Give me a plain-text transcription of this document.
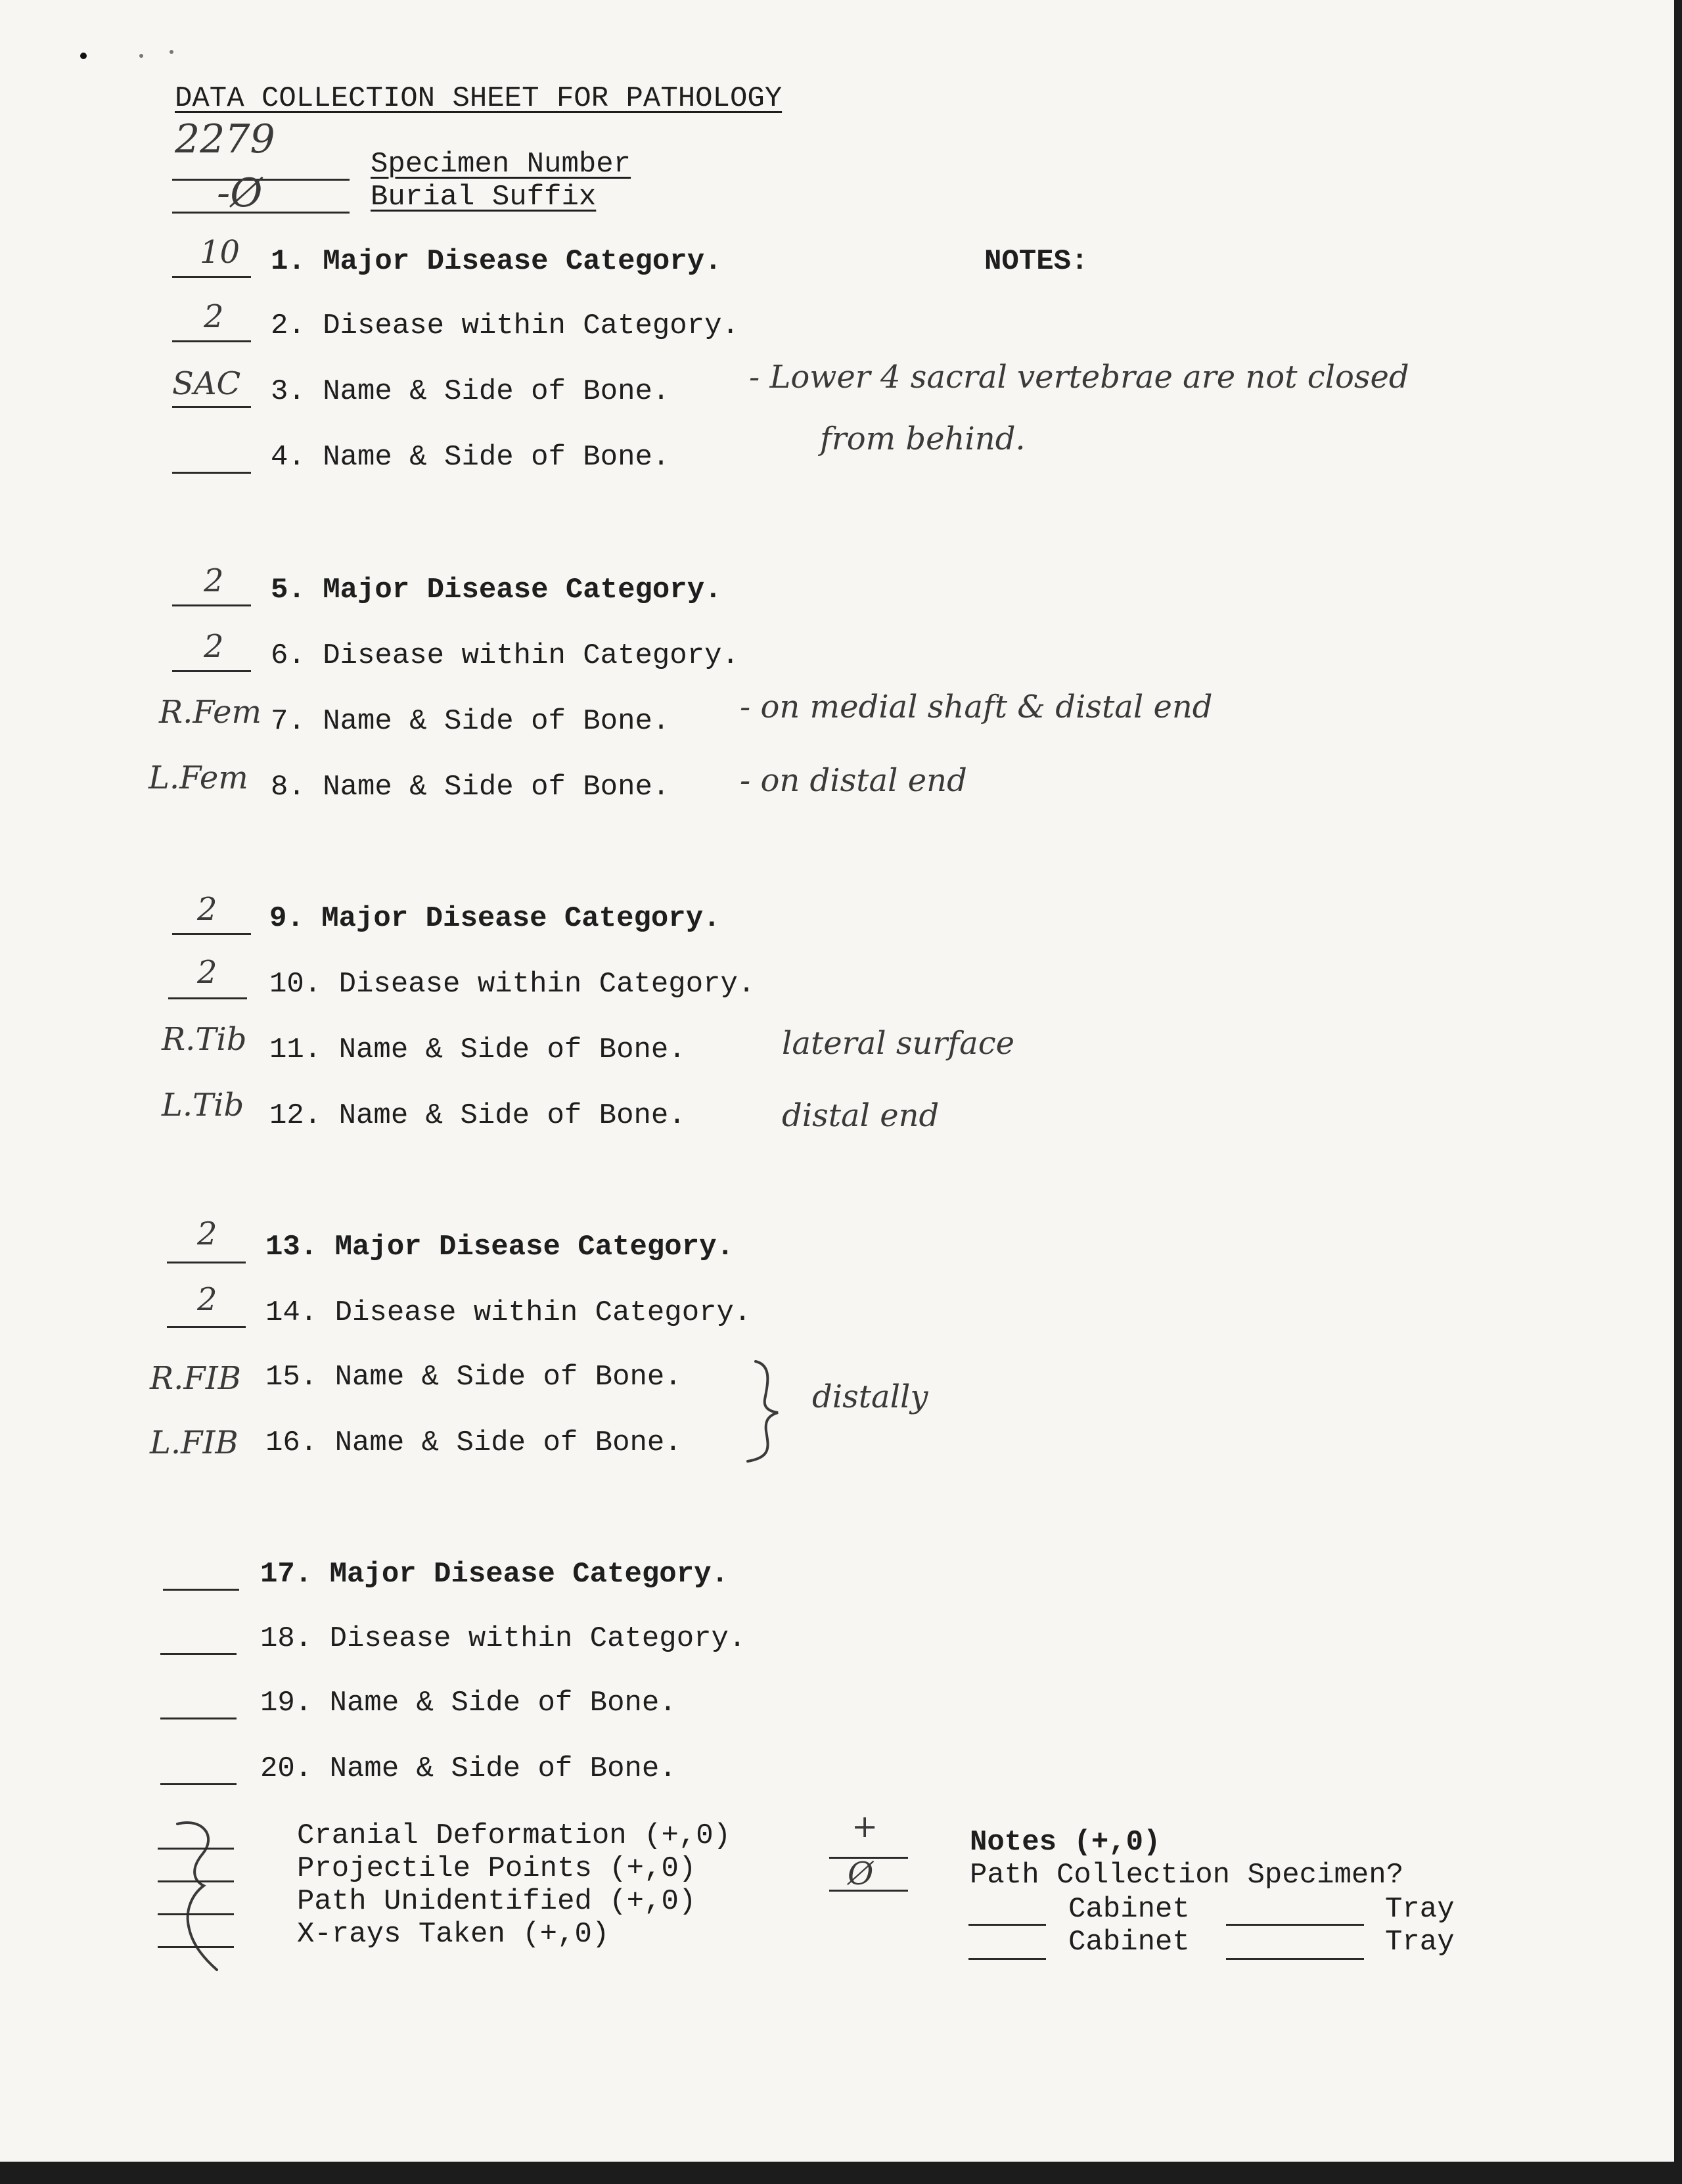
DATA COLLECTION SHEET FOR PATHOLOGY
2279
Specimen Number
-Ø	Burial Suffix
NOTES:
10 1. Major Disease Category.
2 2. Disease within Category.
SAC 3. Name & Side of Bone.	- Lower 4 sacral vertebrae are not closed
4. Name & Side of Bone.	from behind.
2 5. Major Disease Category.
2 6. Disease within Category.
R.Fem 7. Name & Side of Bone. - on medial shaft & distal end
L.Fem 8. Name & Side of Bone. - on distal end
2 9. Major Disease Category.
2 10. Disease within Category.
R.Tib 11. Name & Side of Bone.	lateral surface
L.Tib 12. Name & Side of Bone.	distal end
2 13. Major Disease Category.
2 14. Disease within Category.
R.FIB 15. Name & Side of Bone.
L.FIB 16. Name & Side of Bone.
distally
17. Major Disease Category.
18. Disease within Category.
19. Name & Side of Bone.
20. Name & Side of Bone.
Cranial Deformation (+,0)
Projectile Points (+,0)
Path Unidentified (+,0)
X-rays Taken (+,0)
+
Ø
Notes (+,0)
Path Collection Specimen?
Cabinet	Tray
Cabinet	Tray
